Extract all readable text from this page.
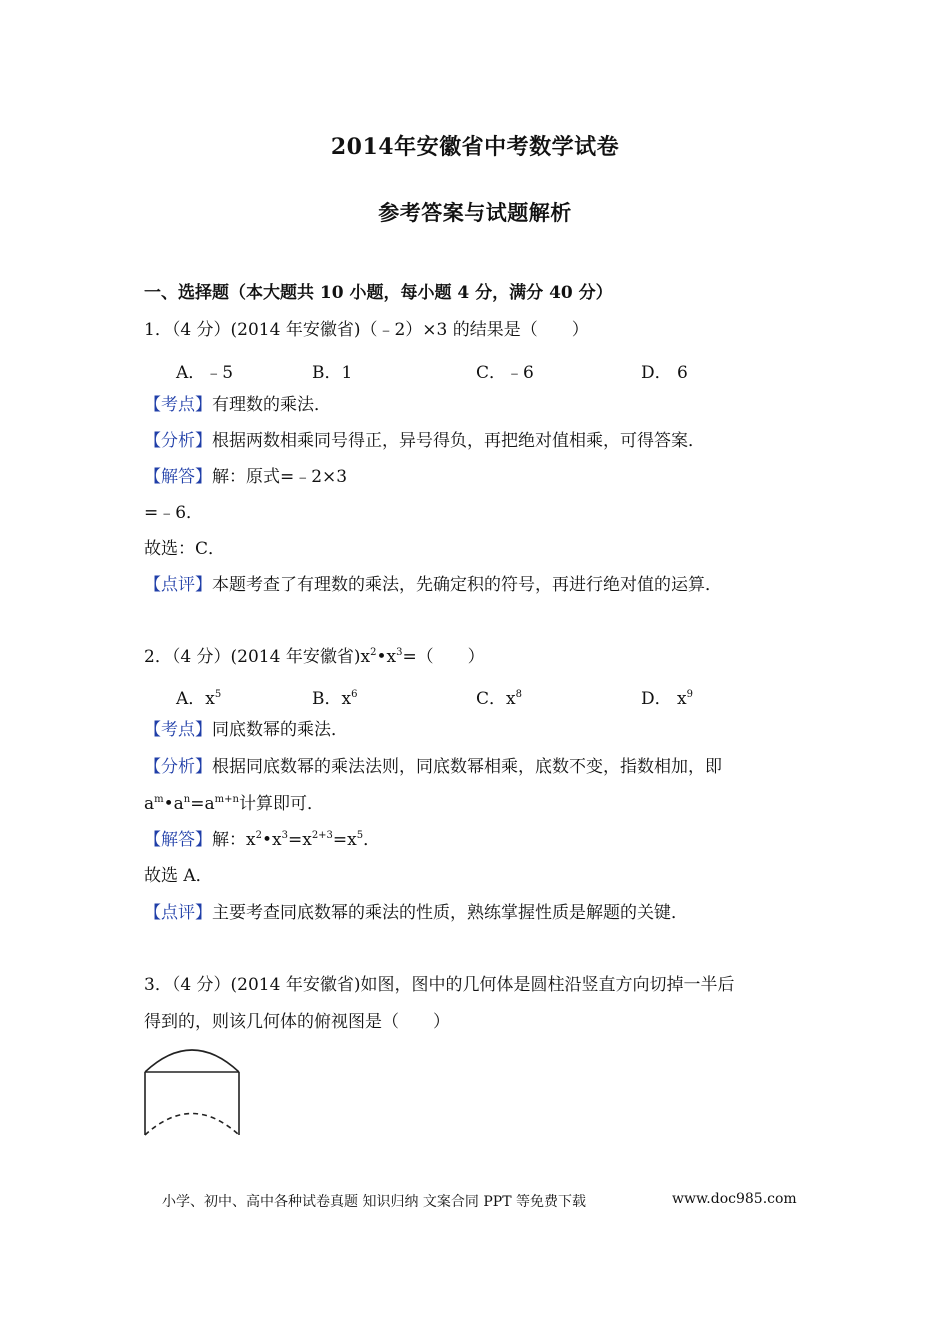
2014年安徽省中考数学试卷
参考答案与试题解析
一、选择题（本大题共 10 小题，每小题 4 分，满分 40 分）
1．（4 分）(2014 年安徽省)（﹣2）×3 的结果是（　　）
A．﹣5	B．1	C．﹣6	D． 6
【考点】有理数的乘法．
【分析】根据两数相乘同号得正，异号得负，再把绝对值相乘，可得答案．
【解答】解：原式=﹣2×3
=﹣6．
故选：C．
【点评】本题考查了有理数的乘法，先确定积的符号，再进行绝对值的运算．
2．（4 分）(2014 年安徽省)$x^2•x^3=$（　　）
A．$x^5$	B．$x^6$	C．$x^8$	D． $x^9$
【考点】同底数幂的乘法．
【分析】根据同底数幂的乘法法则，同底数幂相乘，底数不变，指数相加，即
$a^m•a^n=a^{m+n}$计算即可．
【解答】解：$x^2•x^3=x^{2+3}=x^5$．
故选 A．
【点评】主要考查同底数幂的乘法的性质，熟练掌握性质是解题的关键．
3．（4 分）(2014 年安徽省)如图，图中的几何体是圆柱沿竖直方向切掉一半后
得到的，则该几何体的俯视图是（　　）
小学、初中、高中各种试卷真题 知识归纳 文案合同 PPT 等免费下载	www.doc985.com
